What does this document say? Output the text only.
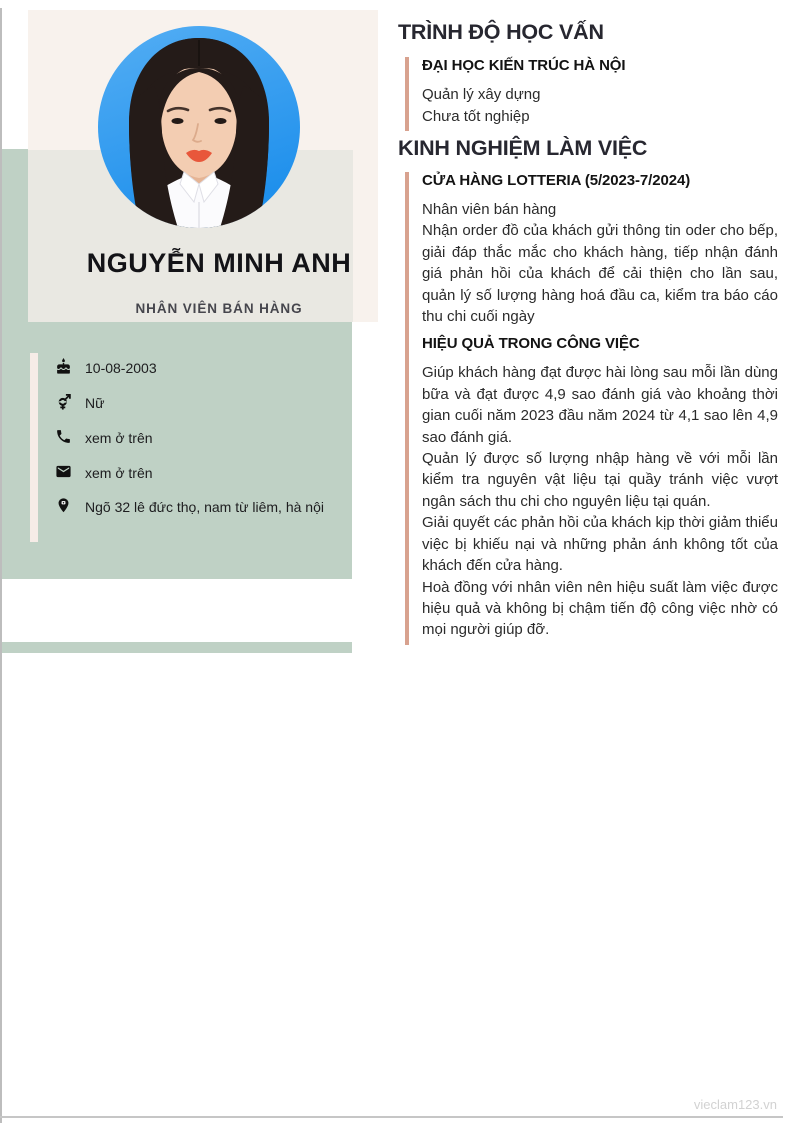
NGUYỄN MINH ANH
NHÂN VIÊN BÁN HÀNG
10-08-2003
Nữ
xem ở trên
xem ở trên
Ngõ 32 lê đức thọ, nam từ liêm, hà nội
TRÌNH ĐỘ HỌC VẤN
ĐẠI HỌC KIẾN TRÚC HÀ NỘI
Quản lý xây dựng
Chưa tốt nghiệp
KINH NGHIỆM LÀM VIỆC
CỬA HÀNG LOTTERIA (5/2023-7/2024)

Nhân viên bán hàng

Nhận order đồ của khách gửi thông tin oder cho bếp, giải đáp thắc mắc cho khách hàng, tiếp nhận đánh giá phản hồi của khách để cải thiện cho lần sau, quản lý số lượng hàng hoá đầu ca, kiểm tra báo cáo thu chi cuối ngày

HIỆU QUẢ TRONG CÔNG VIỆC

Giúp khách hàng đạt được hài lòng sau mỗi lần dùng bữa và đạt được 4,9 sao đánh giá vào khoảng thời gian cuối năm 2023 đầu năm 2024 từ 4,1 sao lên 4,9 sao đánh giá.

Quản lý được số lượng nhập hàng về với mỗi lần kiểm tra nguyên vật liệu tại quầy tránh việc vượt ngân sách thu chi cho nguyên liệu tại quán.

Giải quyết các phản hồi của khách kịp thời giảm thiểu việc bị khiếu nại và những phản ánh không tốt của khách đến cửa hàng.

Hoà đồng với nhân viên nên hiệu suất làm việc được hiệu quả và không bị chậm tiến độ công việc nhờ có mọi người giúp đỡ.

vieclam123.vn
